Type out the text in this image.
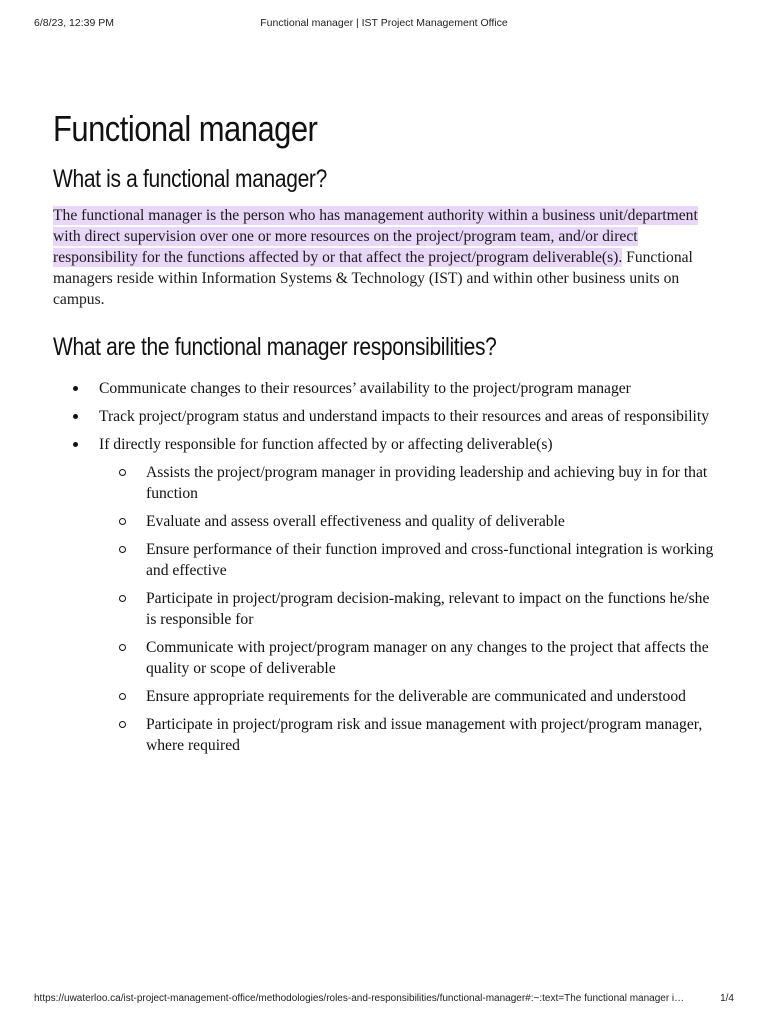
6/8/23, 12:39 PM	Functional manager | IST Project Management Office
Functional manager
What is a functional manager?

The functional manager is the person who has management authority within a business unit/department with direct supervision over one or more resources on the project/program team, and/or direct responsibility for the functions affected by or that affect the project/program deliverable(s). Functional managers reside within Information Systems & Technology (IST) and within other business units on campus.

What are the functional manager responsibilities?
Communicate changes to their resources’ availability to the project/program manager
Track project/program status and understand impacts to their resources and areas of responsibility
If directly responsible for function affected by or affecting deliverable(s)
Assists the project/program manager in providing leadership and achieving buy in for that function
Evaluate and assess overall effectiveness and quality of deliverable
Ensure performance of their function improved and cross-functional integration is working and effective
Participate in project/program decision-making, relevant to impact on the functions he/she is responsible for
Communicate with project/program manager on any changes to the project that affects the quality or scope of deliverable
Ensure appropriate requirements for the deliverable are communicated and understood
Participate in project/program risk and issue management with project/program manager, where required
https://uwaterloo.ca/ist-project-management-office/methodologies/roles-and-responsibilities/functional-manager#:~:text=The functional manager i…	1/4
